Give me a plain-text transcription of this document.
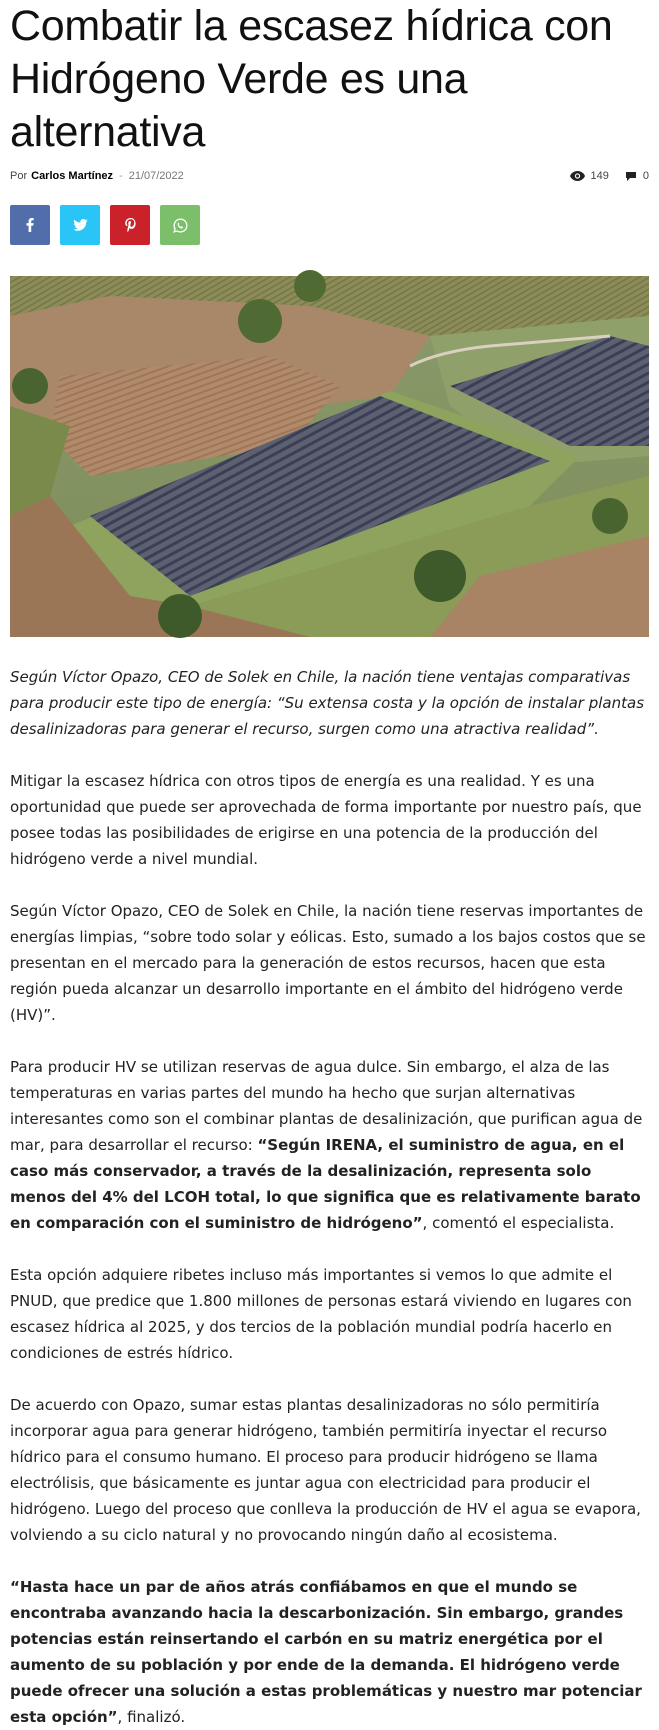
Combatir la escasez hídrica con Hidrógeno Verde es una alternativa
Por Carlos Martínez - 21/07/2022	149	0

Según Víctor Opazo, CEO de Solek en Chile, la nación tiene ventajas comparativas para producir este tipo de energía: “Su extensa costa y la opción de instalar plantas desalinizadoras para generar el recurso, surgen como una atractiva realidad”.

Mitigar la escasez hídrica con otros tipos de energía es una realidad. Y es una oportunidad que puede ser aprovechada de forma importante por nuestro país, que posee todas las posibilidades de erigirse en una potencia de la producción del hidrógeno verde a nivel mundial.

Según Víctor Opazo, CEO de Solek en Chile, la nación tiene reservas importantes de energías limpias, “sobre todo solar y eólicas. Esto, sumado a los bajos costos que se presentan en el mercado para la generación de estos recursos, hacen que esta región pueda alcanzar un desarrollo importante en el ámbito del hidrógeno verde (HV)”.

Para producir HV se utilizan reservas de agua dulce. Sin embargo, el alza de las temperaturas en varias partes del mundo ha hecho que surjan alternativas interesantes como son el combinar plantas de desalinización, que purifican agua de mar, para desarrollar el recurso: “Según IRENA, el suministro de agua, en el caso más conservador, a través de la desalinización, representa solo menos del 4% del LCOH total, lo que significa que es relativamente barato en comparación con el suministro de hidrógeno”, comentó el especialista.

Esta opción adquiere ribetes incluso más importantes si vemos lo que admite el PNUD, que predice que 1.800 millones de personas estará viviendo en lugares con escasez hídrica al 2025, y dos tercios de la población mundial podría hacerlo en condiciones de estrés hídrico.

De acuerdo con Opazo, sumar estas plantas desalinizadoras no sólo permitiría incorporar agua para generar hidrógeno, también permitiría inyectar el recurso hídrico para el consumo humano. El proceso para producir hidrógeno se llama electrólisis, que básicamente es juntar agua con electricidad para producir el hidrógeno. Luego del proceso que conlleva la producción de HV el agua se evapora, volviendo a su ciclo natural y no provocando ningún daño al ecosistema.

“Hasta hace un par de años atrás confiábamos en que el mundo se encontraba avanzando hacia la descarbonización. Sin embargo, grandes potencias están reinsertando el carbón en su matriz energética por el aumento de su población y por ende de la demanda. El hidrógeno verde puede ofrecer una solución a estas problemáticas y nuestro mar potenciar esta opción”, finalizó.
